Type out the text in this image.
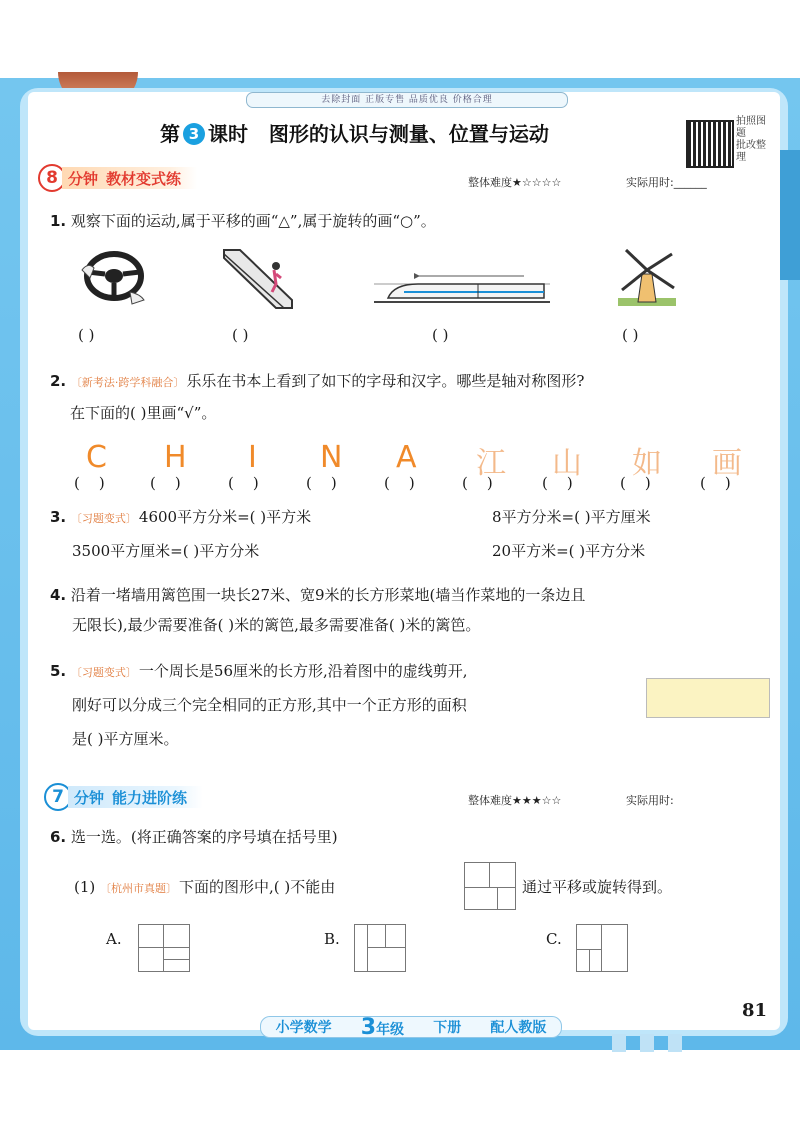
去除封面 正版专售 品质优良 价格合理
第 3 课时 图形的认识与测量、位置与运动
拍照图题
批改整理
8 分钟 教材变式练	整体难度★☆☆☆☆	实际用时:______
1. 观察下面的运动,属于平移的画“△”,属于旋转的画“○”。
( )	( )	( )	( )
2. 〔新考法·跨学科融合〕 乐乐在书本上看到了如下的字母和汉字。哪些是轴对称图形?
在下面的( )里画“√”。
C H I N A 江 山 如 画
(    )	(    )	(    )	(    )	(    )	(    )	(    )	(    )	(    )
3. 〔习题变式〕 4600平方分米=( )平方米	8平方分米=( )平方厘米
3500平方厘米=( )平方分米	20平方米=( )平方分米
4. 沿着一堵墙用篱笆围一块长27米、宽9米的长方形菜地(墙当作菜地的一条边且
无限长),最少需要准备( )米的篱笆,最多需要准备( )米的篱笆。
5. 〔习题变式〕 一个周长是56厘米的长方形,沿着图中的虚线剪开,
刚好可以分成三个完全相同的正方形,其中一个正方形的面积
是( )平方厘米。
7 分钟 能力进阶练	整体难度★★★☆☆	实际用时:
6. 选一选。(将正确答案的序号填在括号里)
(1) 〔杭州市真题〕 下面的图形中,( )不能由	通过平移或旋转得到。
A.	B.	C.
81
小学数学 3年级 下册 配人教版
